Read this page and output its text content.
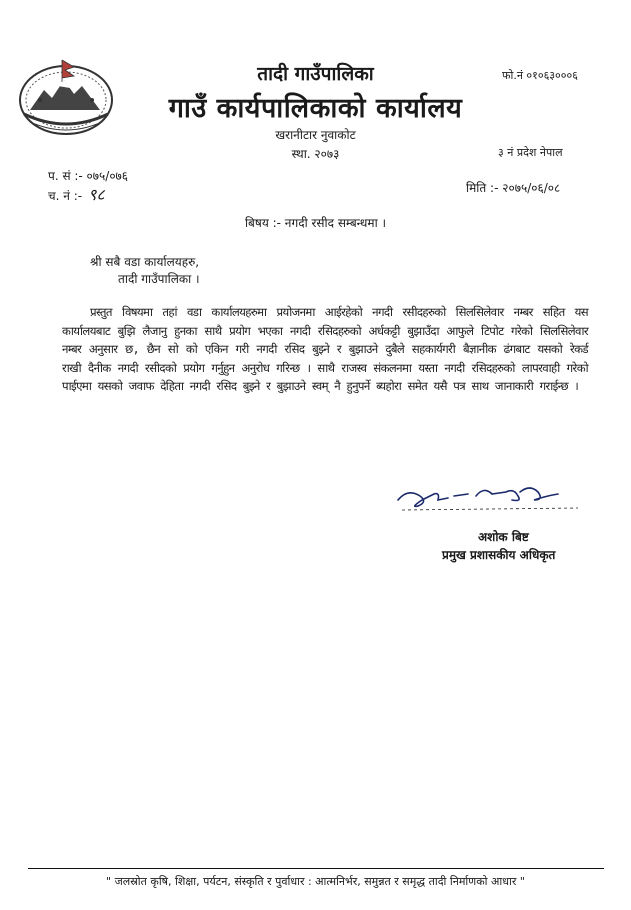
तादी गाउँपालिका
गाउँ कार्यपालिकाको कार्यालय
खरानीटार नुवाकोट
स्था. २०७३
फो.नं ०१०६३०००६
३ नं प्रदेश नेपाल
प. सं :- ०७५/०७६
च. नं :- ९८	मिति :- २०७५/०६/०८
बिषय :- नगदी रसीद सम्बन्धमा ।
श्री सबै वडा कार्यालयहरु,
तादी गाउँपालिका ।
प्रस्तुत विषयमा तहां वडा कार्यालयहरुमा प्रयोजनमा आईरहेको नगदी रसीदहरुको सिलसिलेवार नम्बर सहित यस कार्यालयबाट बुझि लैजानु हुनका साथै प्रयोग भएका नगदी रसिदहरुको अर्धकट्टी बुझाउँदा आफुले टिपोट गरेको सिलसिलेवार नम्बर अनुसार छ, छैन सो को एकिन गरी नगदी रसिद बुझ्ने र बुझाउने दुबैले सहकार्यगरी बैज्ञानीक ढंगबाट यसको रेकर्ड राखी दैनीक नगदी रसीदको प्रयोग गर्नुहुन अनुरोध गरिन्छ । साथै राजस्व संकलनमा यस्ता नगदी रसिदहरुको लापरवाही गरेको पाईएमा यसको जवाफ देहिता नगदी रसिद बुझ्ने र बुझाउने स्वम् नै हुनुपर्ने ब्यहोरा समेत यसै पत्र साथ जानाकारी गराईन्छ ।
अशोक बिष्ट
प्रमुख प्रशासकीय अधिकृत
" जलस्रोत कृषि, शिक्षा, पर्यटन, संस्कृति र पुर्वाधार : आत्मनिर्भर, समुन्नत र समृद्ध तादी निर्माणको आधार "
